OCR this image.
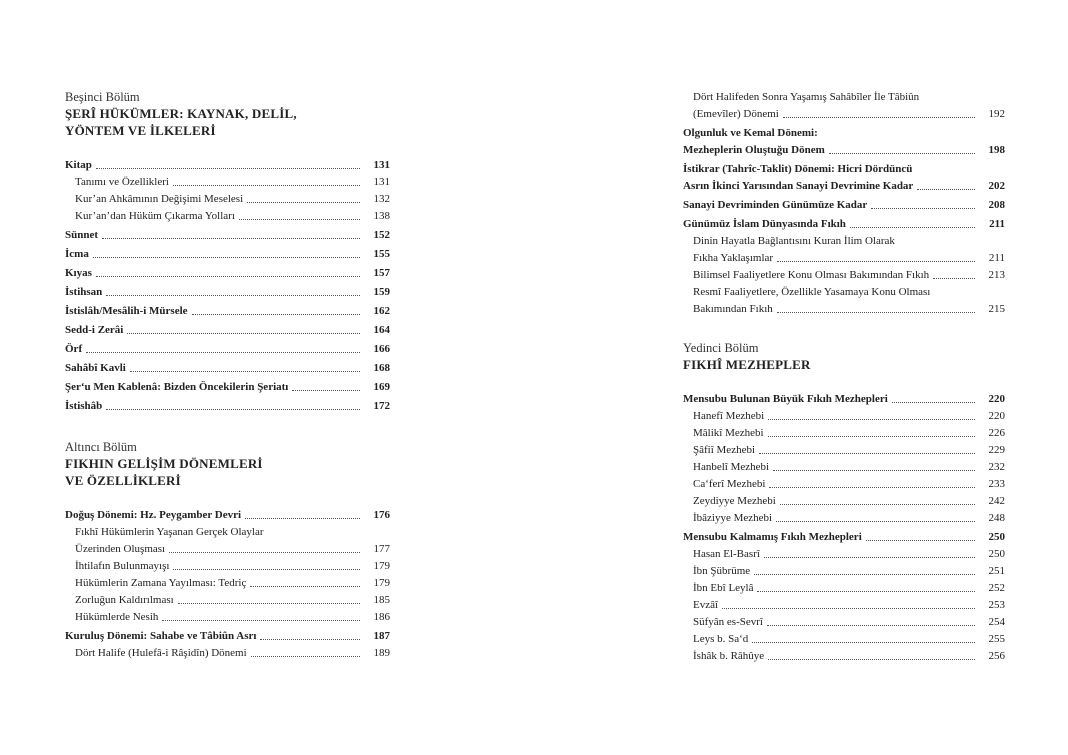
Beşinci Bölüm
ŞERÎ HÜKÜMLER: KAYNAK, DELİL,
YÖNTEM VE İLKELERİ
Kitap	131
Tanımı ve Özellikleri	131
Kur’an Ahkâmının Değişimi Meselesi	132
Kur’an’dan Hüküm Çıkarma Yolları	138
Sünnet	152
İcma	155
Kıyas	157
İstihsan	159
İstislâh/Mesâlih-i Mürsele	162
Sedd-i Zerâi	164
Örf	166
Sahâbî Kavli	168
Şer‘u Men Kablenâ: Bizden Öncekilerin Şeriatı	169
İstishâb	172
Altıncı Bölüm
FIKHIN GELİŞİM DÖNEMLERİ
VE ÖZELLİKLERİ
Doğuş Dönemi: Hz. Peygamber Devri	176
Fıkhî Hükümlerin Yaşanan Gerçek Olaylar
Üzerinden Oluşması	177
İhtilafın Bulunmayışı	179
Hükümlerin Zamana Yayılması: Tedriç	179
Zorluğun Kaldırılması	185
Hükümlerde Nesih	186
Kuruluş Dönemi: Sahabe ve Tâbiûn Asrı	187
Dört Halife (Hulefâ-i Râşidîn) Dönemi	189
Dört Halifeden Sonra Yaşamış Sahâbîler İle Tâbiûn
(Emevîler) Dönemi	192
Olgunluk ve Kemal Dönemi:
Mezheplerin Oluştuğu Dönem	198
İstikrar (Tahrîc-Taklit) Dönemi: Hicri Dördüncü
Asrın İkinci Yarısından Sanayi Devrimine Kadar	202
Sanayi Devriminden Günümüze Kadar	208
Günümüz İslam Dünyasında Fıkıh	211
Dinin Hayatla Bağlantısını Kuran İlim Olarak
Fıkha Yaklaşımlar	211
Bilimsel Faaliyetlere Konu Olması Bakımından Fıkıh	213
Resmî Faaliyetlere, Özellikle Yasamaya Konu Olması
Bakımından Fıkıh	215
Yedinci Bölüm
FIKHÎ MEZHEPLER
Mensubu Bulunan Büyük Fıkıh Mezhepleri	220
Hanefî Mezhebi	220
Mâlikî Mezhebi	226
Şâfiî Mezhebi	229
Hanbelî Mezhebi	232
Ca‘ferî Mezhebi	233
Zeydiyye Mezhebi	242
İbâziyye Mezhebi	248
Mensubu Kalmamış Fıkıh Mezhepleri	250
Hasan El-Basrî	250
İbn Şübrüme	251
İbn Ebî Leylâ	252
Evzâî	253
Süfyân es-Sevrî	254
Leys b. Sa‘d	255
İshâk b. Râhûye	256
